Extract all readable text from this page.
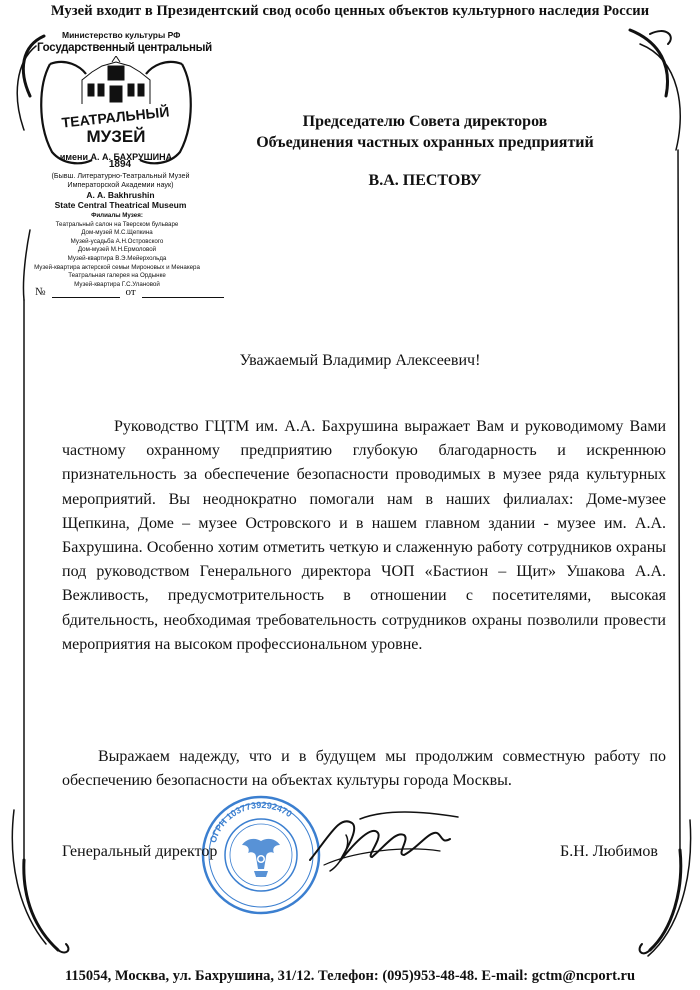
Музей входит в Президентский свод особо ценных объектов культурного наследия России
Министерство культуры РФ
Государственный центральный
ТЕАТРАЛЬНЫЙ
МУЗЕЙ
имени А. А. БАХРУШИНА
1894
(Бывш. Литературно-Театральный Музей Императорской Академии наук)
A. A. Bakhrushin
State Central Theatrical Museum
Филиалы Музея:
Театральный салон на Тверском бульваре
Дом-музей М.С.Щепкина
Музей-усадьба А.Н.Островского
Дом-музей М.Н.Ермоловой
Музей-квартира В.Э.Мейерхольда
Музей-квартира актерской семьи Мироновых и Менакера
Театральная галерея на Ордынке
Музей-квартира Г.С.Улановой
№	от
Председателю Совета директоров
Объединения частных охранных предприятий
В.А. ПЕСТОВУ
Уважаемый Владимир Алексеевич!
Руководство ГЦТМ им. А.А. Бахрушина выражает Вам и руководимому Вами частному охранному предприятию глубокую благодарность и искреннюю признательность за обеспечение безопасности проводимых в музее ряда культурных мероприятий. Вы неоднократно помогали нам в наших филиалах: Доме-музее Щепкина, Доме – музее Островского и в нашем главном здании - музее им. А.А. Бахрушина. Особенно хотим отметить четкую и слаженную работу сотрудников охраны под руководством Генерального директора ЧОП «Бастион – Щит» Ушакова А.А. Вежливость, предусмотрительность в отношении с посетителями, высокая бдительность, необходимая требовательность сотрудников охраны позволили провести мероприятия на высоком профессиональном уровне.
Выражаем надежду, что и в будущем мы продолжим совместную работу по обеспечению безопасности на объектах культуры города Москвы.
ОГРН 1037739292470
Генеральный директор	Б.Н. Любимов
115054, Москва, ул. Бахрушина, 31/12. Телефон: (095)953-48-48. E-mail: gctm@ncport.ru
